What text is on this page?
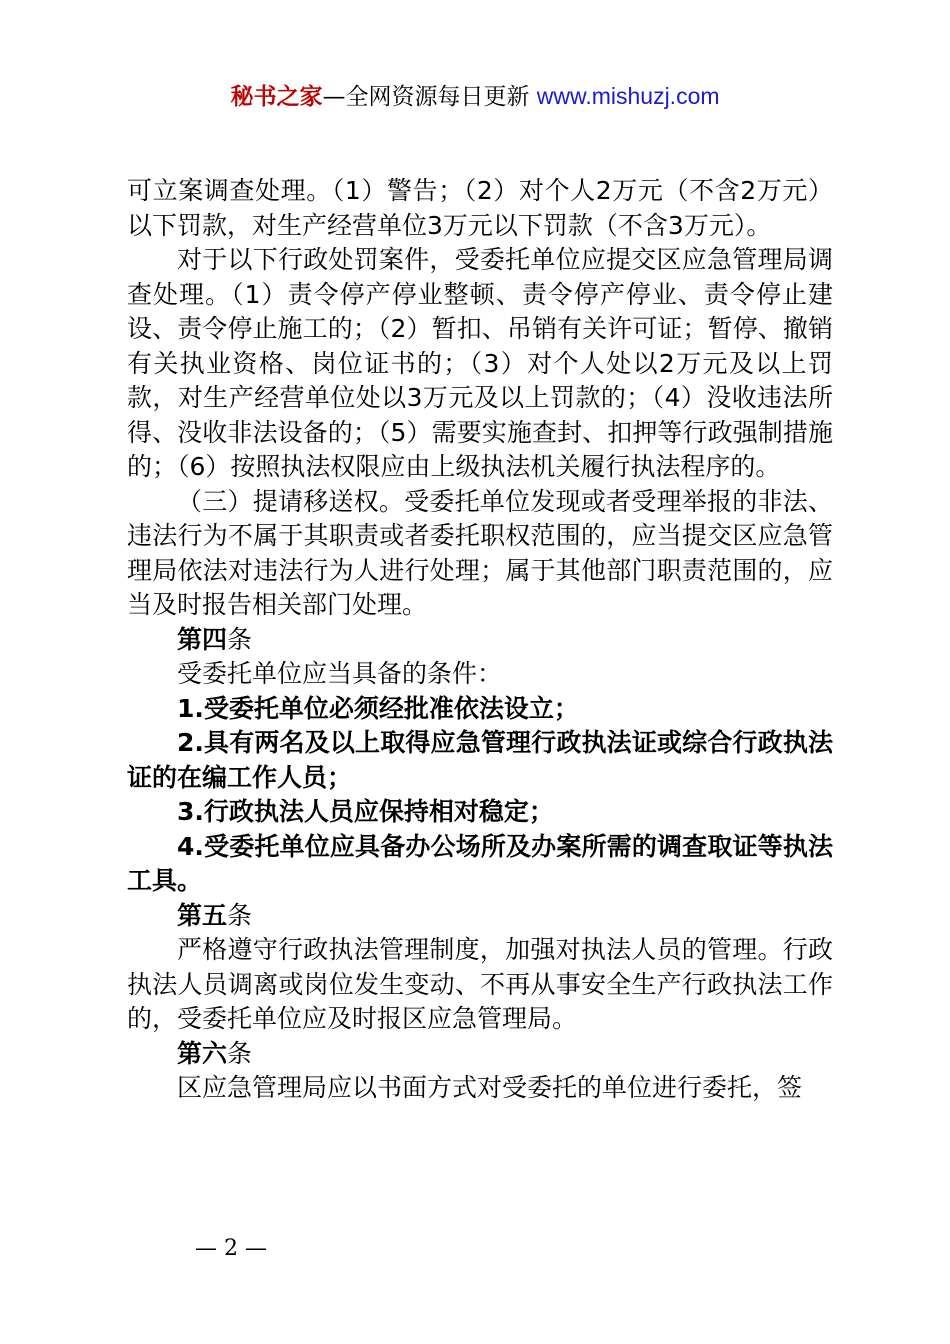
秘书之家—全网资源每日更新 www.mishuzj.com

可立案调查处理。（1）警告；（2）对个人2万元（不含2万元）以下罚款，对生产经营单位3万元以下罚款（不含3万元）。

对于以下行政处罚案件，受委托单位应提交区应急管理局调查处理。（1）责令停产停业整顿、责令停产停业、责令停止建设、责令停止施工的；（2）暂扣、吊销有关许可证；暂停、撤销有关执业资格、岗位证书的；（3）对个人处以2万元及以上罚款，对生产经营单位处以3万元及以上罚款的；（4）没收违法所得、没收非法设备的；（5）需要实施查封、扣押等行政强制措施的；（6）按照执法权限应由上级执法机关履行执法程序的。

（三）提请移送权。受委托单位发现或者受理举报的非法、违法行为不属于其职责或者委托职权范围的，应当提交区应急管理局依法对违法行为人进行处理；属于其他部门职责范围的，应当及时报告相关部门处理。

第四条

受委托单位应当具备的条件：

1.受委托单位必须经批准依法设立；

2.具有两名及以上取得应急管理行政执法证或综合行政执法证的在编工作人员；

3.行政执法人员应保持相对稳定；

4.受委托单位应具备办公场所及办案所需的调查取证等执法工具。

第五条

严格遵守行政执法管理制度，加强对执法人员的管理。行政执法人员调离或岗位发生变动、不再从事安全生产行政执法工作的，受委托单位应及时报区应急管理局。

第六条

区应急管理局应以书面方式对受委托的单位进行委托，签

— 2 —
